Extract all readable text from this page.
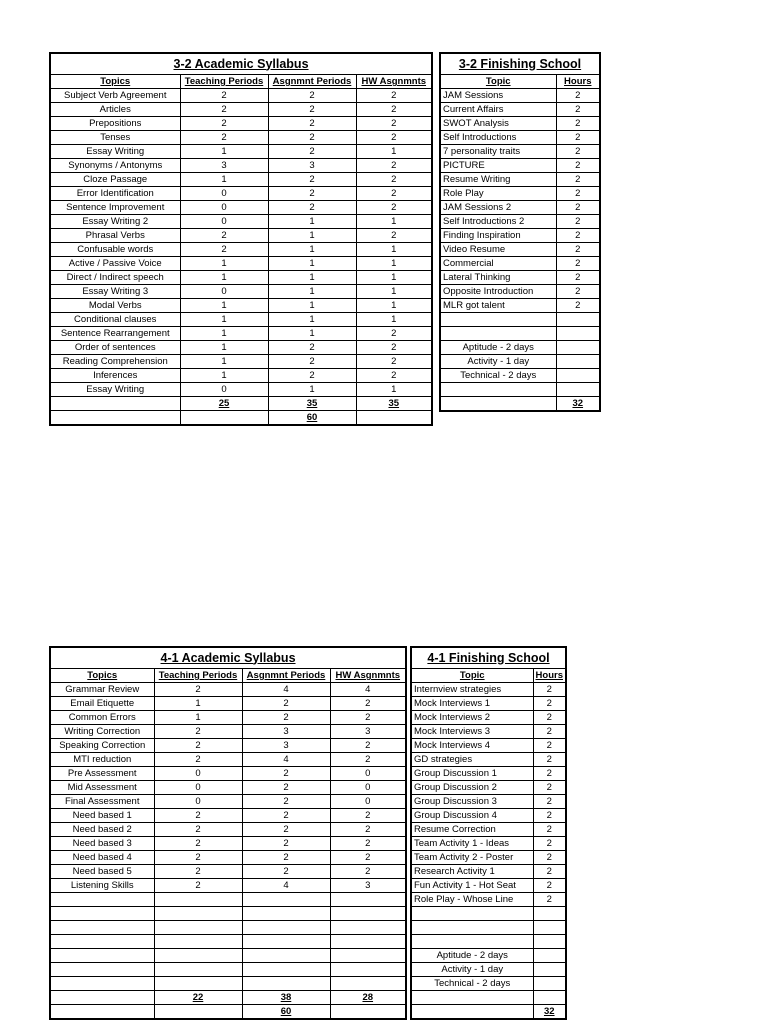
3-2 Academic Syllabus			
Topics	Teaching Periods	Asgnmnt Periods	HW Asgnmnts
Subject Verb Agreement	2	2	2
Articles	2	2	2
Prepositions	2	2	2
Tenses	2	2	2
Essay Writing	1	2	1
Synonyms / Antonyms	3	3	2
Cloze Passage	1	2	2
Error Identification	0	2	2
Sentence Improvement	0	2	2
Essay Writing 2	0	1	1
Phrasal Verbs	2	1	2
Confusable words	2	1	1
Active / Passive Voice	1	1	1
Direct / Indirect speech	1	1	1
Essay Writing 3	0	1	1
Modal Verbs	1	1	1
Conditional clauses	1	1	1
Sentence Rearrangement	1	1	2
Order of sentences	1	2	2
Reading Comprehension	1	2	2
Inferences	1	2	2
Essay Writing	0	1	1
	25	35	35
		60	
3-2 Finishing School	
Topic	Hours
JAM Sessions	2
Current Affairs	2
SWOT Analysis	2
Self Introductions	2
7 personality traits	2
PICTURE	2
Resume Writing	2
Role Play	2
JAM Sessions 2	2
Self Introductions 2	2
Finding Inspiration	2
Video Resume	2
Commercial	2
Lateral Thinking	2
Opposite Introduction	2
MLR got talent	2

Aptitude - 2 days	
Activity - 1 day	
Technical - 2 days	

	32
4-1 Academic Syllabus			
Topics	Teaching Periods	Asgnmnt Periods	HW Asgnmnts
Grammar Review	2	4	4
Email Etiquette	1	2	2
Common Errors	1	2	2
Writing Correction	2	3	3
Speaking Correction	2	3	2
MTI reduction	2	4	2
Pre Assessment	0	2	0
Mid Assessment	0	2	0
Final Assessment	0	2	0
Need based 1	2	2	2
Need based 2	2	2	2
Need based 3	2	2	2
Need based 4	2	2	2
Need based 5	2	2	2
Listening Skills	2	4	3

	22	38	28
		60	
4-1 Finishing School	
Topic	Hours
Internview strategies	2
Mock Interviews 1	2
Mock Interviews 2	2
Mock Interviews 3	2
Mock Interviews 4	2
GD strategies	2
Group Discussion 1	2
Group Discussion 2	2
Group Discussion 3	2
Group Discussion 4	2
Resume Correction	2
Team Activity 1 - Ideas	2
Team Activity 2 - Poster	2
Research Activity 1	2
Fun Activity 1 - Hot Seat	2
Role Play - Whose Line	2

Aptitude - 2 days	
Activity - 1 day	
Technical - 2 days	

	32
